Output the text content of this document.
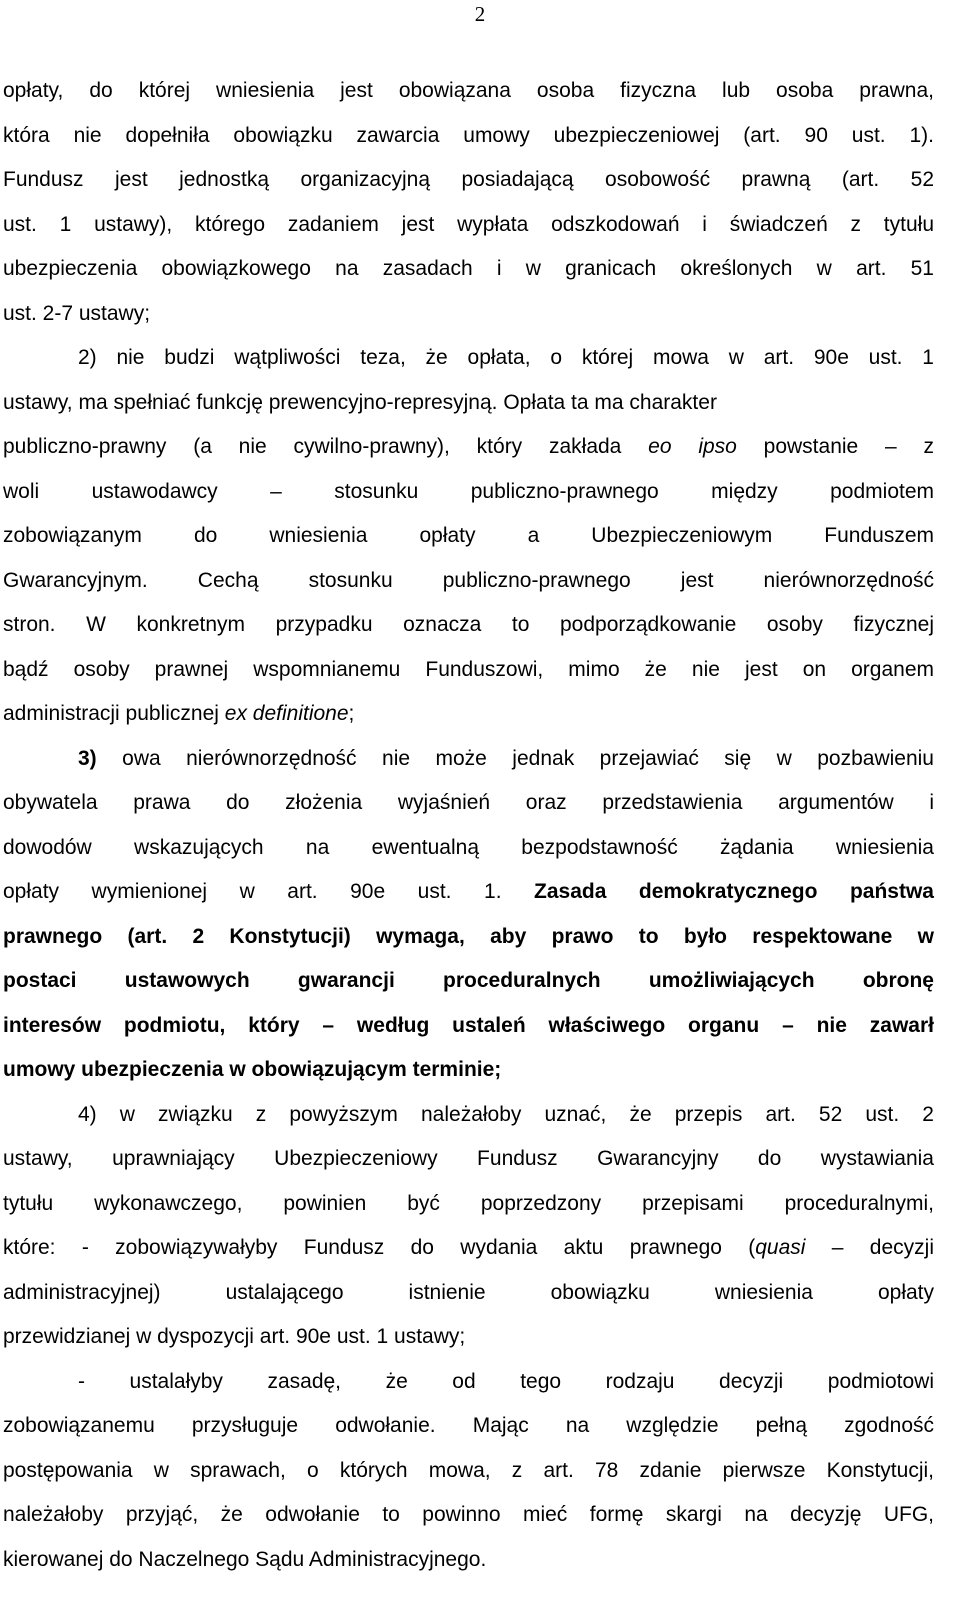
2
opłaty, do której wniesienia jest obowiązana osoba fizyczna lub osoba prawna,
która nie dopełniła obowiązku zawarcia umowy ubezpieczeniowej (art. 90 ust. 1).
Fundusz jest jednostką organizacyjną posiadającą osobowość prawną (art. 52
ust. 1 ustawy), którego zadaniem jest wypłata odszkodowań i świadczeń z tytułu
ubezpieczenia obowiązkowego na zasadach i w granicach określonych w art. 51
ust. 2-7 ustawy;
2) nie budzi wątpliwości teza, że opłata, o której mowa w art. 90e ust. 1
ustawy, ma spełniać funkcję prewencyjno-represyjną. Opłata ta ma charakter
publiczno-prawny (a nie cywilno-prawny), który zakłada eo ipso powstanie – z
woli ustawodawcy – stosunku publiczno-prawnego między podmiotem
zobowiązanym do wniesienia opłaty a Ubezpieczeniowym Funduszem
Gwarancyjnym. Cechą stosunku publiczno-prawnego jest nierównorzędność
stron. W konkretnym przypadku oznacza to podporządkowanie osoby fizycznej
bądź osoby prawnej wspomnianemu Funduszowi, mimo że nie jest on organem
administracji publicznej ex definitione;
3) owa nierównorzędność nie może jednak przejawiać się w pozbawieniu
obywatela prawa do złożenia wyjaśnień oraz przedstawienia argumentów i
dowodów wskazujących na ewentualną bezpodstawność żądania wniesienia
opłaty wymienionej w art. 90e ust. 1. Zasada demokratycznego państwa
prawnego (art. 2 Konstytucji) wymaga, aby prawo to było respektowane w
postaci ustawowych gwarancji proceduralnych umożliwiających obronę
interesów podmiotu, który – według ustaleń właściwego organu – nie zawarł
umowy ubezpieczenia w obowiązującym terminie;
4) w związku z powyższym należałoby uznać, że przepis art. 52 ust. 2
ustawy, uprawniający Ubezpieczeniowy Fundusz Gwarancyjny do wystawiania
tytułu wykonawczego, powinien być poprzedzony przepisami proceduralnymi,
które: - zobowiązywałyby Fundusz do wydania aktu prawnego (quasi – decyzji
administracyjnej) ustalającego istnienie obowiązku wniesienia opłaty
przewidzianej w dyspozycji art. 90e ust. 1 ustawy;
- ustalałyby zasadę, że od tego rodzaju decyzji podmiotowi
zobowiązanemu przysługuje odwołanie. Mając na względzie pełną zgodność
postępowania w sprawach, o których mowa, z art. 78 zdanie pierwsze Konstytucji,
należałoby przyjąć, że odwołanie to powinno mieć formę skargi na decyzję UFG,
kierowanej do Naczelnego Sądu Administracyjnego.
